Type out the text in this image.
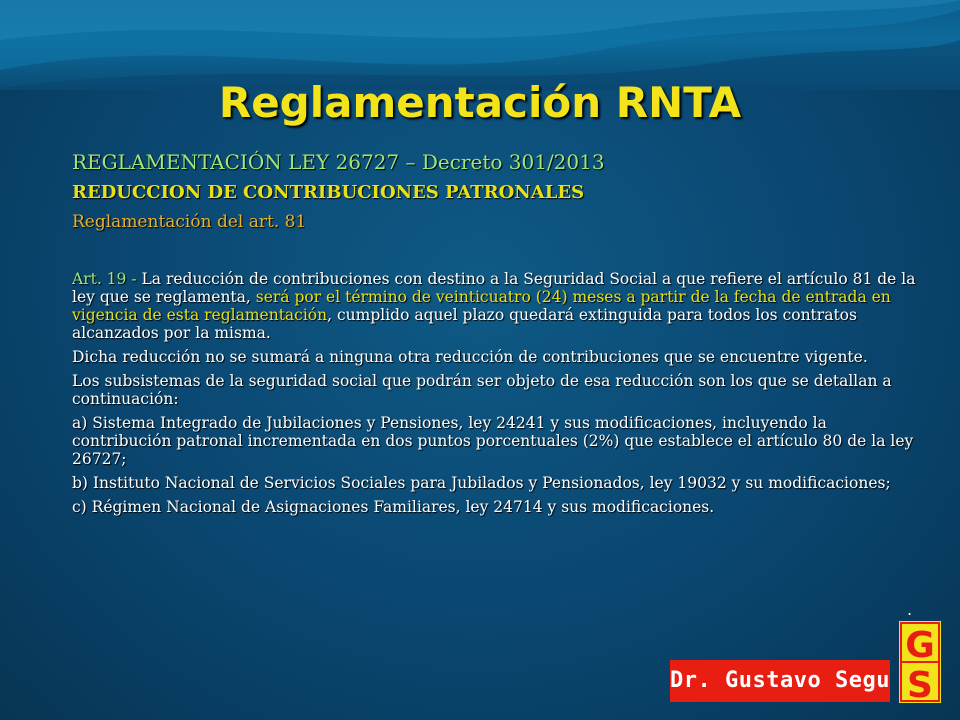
Reglamentación RNTA
REGLAMENTACIÓN LEY 26727 – Decreto 301/2013
REDUCCION DE CONTRIBUCIONES PATRONALES
Reglamentación del art. 81

Art. 19 - La reducción de contribuciones con destino a la Seguridad Social a que refiere el artículo 81 de la ley que se reglamenta, será por el término de veinticuatro (24) meses a partir de la fecha de entrada en vigencia de esta reglamentación, cumplido aquel plazo quedará extinguida para todos los contratos alcanzados por la misma.

Dicha reducción no se sumará a ninguna otra reducción de contribuciones que se encuentre vigente.

Los subsistemas de la seguridad social que podrán ser objeto de esa reducción son los que se detallan a continuación:

a) Sistema Integrado de Jubilaciones y Pensiones, ley 24241 y sus modificaciones, incluyendo la contribución patronal incrementada en dos puntos porcentuales (2%) que establece el artículo 80 de la ley 26727;

b) Instituto Nacional de Servicios Sociales para Jubilados y Pensionados, ley 19032 y su modificaciones;

c) Régimen Nacional de Asignaciones Familiares, ley 24714 y sus modificaciones.

.
Dr. Gustavo Segu
G
S
